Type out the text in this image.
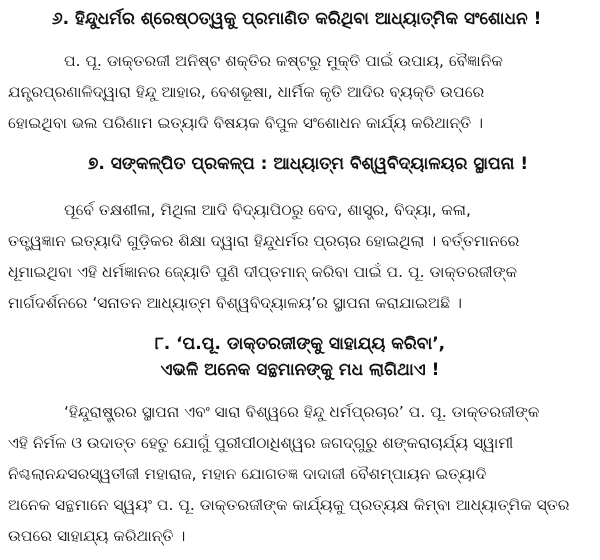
୬. ହିନ୍ଦୁଧର୍ମର ଶ୍ରେଷ୍ଠତ୍ୱକୁ ପ୍ରମାଣିତ କରିଥିବା ଆଧ୍ୟାତ୍ମିକ ସଂଶୋଧନ !

ପ. ପୂ. ଡାକ୍ତରଜୀ ଅନିଷ୍ଟ ଶକ୍ତିର କଷ୍ଟରୁ ମୁକ୍ତି ପାଇଁ ଉପାୟ, ବୈଜ୍ଞାନିକ
ଯନ୍ତ୍ରପ୍ରଣାଳିଦ୍ୱାରା ହିନ୍ଦୁ ଆହାର, ବେଶଭୂଷା, ଧାର୍ମିକ କୃତି ଆଦିର ବ୍ୟକ୍ତି ଉପରେ
ହୋଇଥିବା ଭଲ ପରିଣାମ ଇତ୍ୟାଦି ବିଷୟକ ବିପୁଳ ସଂଶୋଧନ କାର୍ଯ୍ୟ କରିଥାନ୍ତି ।

୭. ସଙ୍କଳ୍ପିତ ପ୍ରକଳ୍ପ : ଆଧ୍ୟାତ୍ମ ବିଶ୍ୱବିଦ୍ୟାଳୟର ସ୍ଥାପନା !

ପୂର୍ବେ ତକ୍ଷଶୀଳା, ମିଥିଳା ଆଦି ବିଦ୍ୟାପିଠରୁ ବେଦ, ଶାସ୍ତ୍ର, ବିଦ୍ୟା, କଳା,
ତତ୍ତ୍ୱଜ୍ଞାନ ଇତ୍ୟାଦି ଗୁଡ଼ିକର ଶିକ୍ଷା ଦ୍ୱାରା ହିନ୍ଦୁଧର୍ମର ପ୍ରଚାର ହୋଇଥିଲା । ବର୍ତ୍ତମାନରେ
ଧୂମାଇଥିବା ଏହି ଧର୍ମଜ୍ଞାନର ଜ୍ୟୋତି ପୁଣି ଦୀପ୍ତମାନ୍ କରିବା ପାଇଁ ପ. ପୂ. ଡାକ୍ତରଜୀଙ୍କ
ମାର୍ଗଦର୍ଶନରେ ‘ସନାତନ ଆଧ୍ୟାତ୍ମ ବିଶ୍ୱବିଦ୍ୟାଳୟ’ର ସ୍ଥାପନା କରାଯାଇଅଛି ।

୮. ‘ପ.ପୂ. ଡାକ୍ତରଜୀଙ୍କୁ ସାହାଯ୍ୟ କରିବା’,
ଏଭଳି ଅନେକ ସନ୍ଥମାନଙ୍କୁ ମଧ ଲାଗିଥାଏ !

‘ହିନ୍ଦୁରାଷ୍ଟ୍ରର ସ୍ଥାପନା ଏବଂ ସାରା ବିଶ୍ୱରେ ହିନ୍ଦୁ ଧର୍ମପ୍ରଚାର’ ପ. ପୂ. ଡାକ୍ତରଜୀଙ୍କ
ଏହି ନିର୍ମଳ ଓ ଉଦାତ୍ତ ହେତୁ ଯୋଗୁଁ ପୁରୀପୀଠାଧିଶ୍ୱର ଜଗଦ୍‌ଗୁରୁ ଶଙ୍କରାଚାର୍ଯ୍ୟ ସ୍ୱାମୀ
ନିଶ୍ଚଲାନନ୍ଦସରସ୍ୱତୀଜୀ ମହାରାଜ, ମହାନ ଯୋଗତଜ୍ଞ ଦାଦାଜୀ ବୈଶମ୍ପାୟନ ଇତ୍ୟାଦି
ଅନେକ ସନ୍ଥମାନେ ସ୍ୱୟଂ ପ. ପୂ. ଡାକ୍ତରଜୀଙ୍କ କାର୍ଯ୍ୟକୁ ପ୍ରତ୍ୟକ୍ଷ କିମ୍ବା ଆଧ୍ୟାତ୍ମିକ ସ୍ତର
ଉପରେ ସାହାଯ୍ୟ କରିଥାନ୍ତି ।
